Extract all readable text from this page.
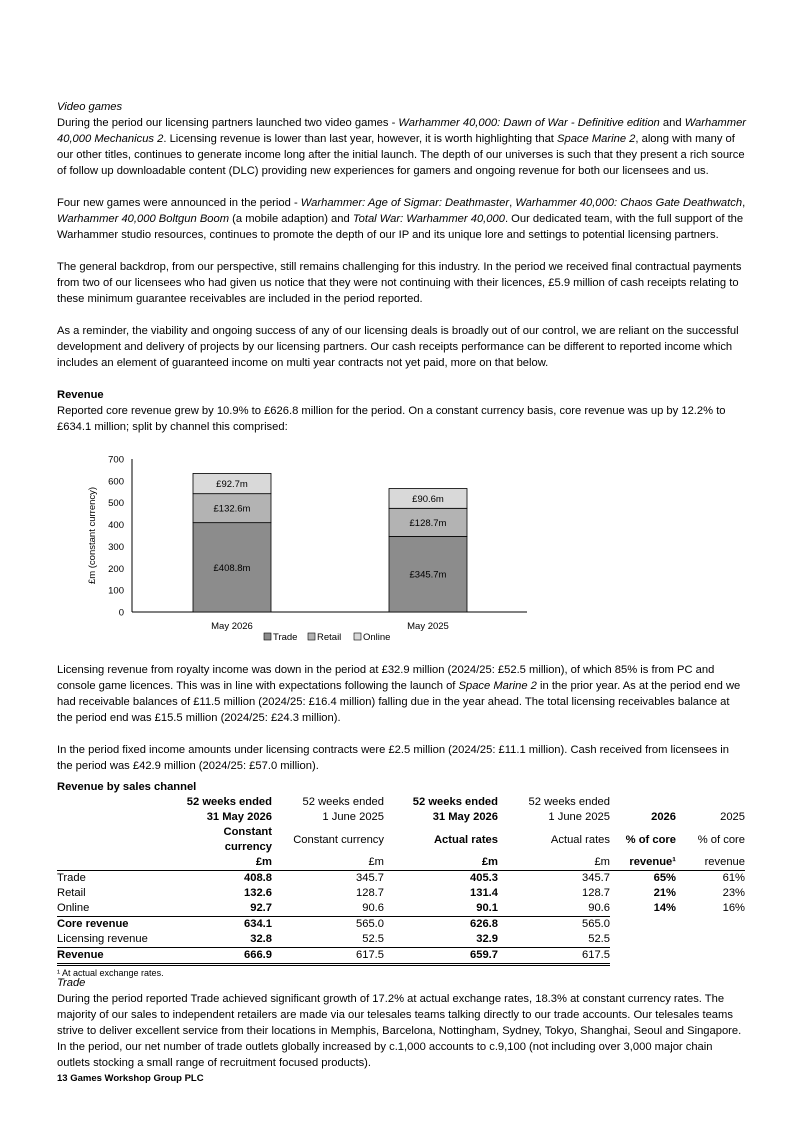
Video games

During the period our licensing partners launched two video games - Warhammer 40,000: Dawn of War - Definitive edition and Warhammer 40,000 Mechanicus 2. Licensing revenue is lower than last year, however, it is worth highlighting that Space Marine 2, along with many of our other titles, continues to generate income long after the initial launch. The depth of our universes is such that they present a rich source of follow up downloadable content (DLC) providing new experiences for gamers and ongoing revenue for both our licensees and us.

Four new games were announced in the period - Warhammer: Age of Sigmar: Deathmaster, Warhammer 40,000: Chaos Gate Deathwatch, Warhammer 40,000 Boltgun Boom (a mobile adaption) and Total War: Warhammer 40,000. Our dedicated team, with the full support of the Warhammer studio resources, continues to promote the depth of our IP and its unique lore and settings to potential licensing partners.

The general backdrop, from our perspective, still remains challenging for this industry. In the period we received final contractual payments from two of our licensees who had given us notice that they were not continuing with their licences, £5.9 million of cash receipts relating to these minimum guarantee receivables are included in the period reported.

As a reminder, the viability and ongoing success of any of our licensing deals is broadly out of our control, we are reliant on the successful development and delivery of projects by our licensing partners. Our cash receipts performance can be different to reported income which includes an element of guaranteed income on multi year contracts not yet paid, more on that below.

Revenue

Reported core revenue grew by 10.9% to £626.8 million for the period. On a constant currency basis, core revenue was up by 12.2% to £634.1 million; split by channel this comprised:

0
100
200
300
400
500
600
700
£m (constant currency)	£408.8m
£132.6m
£92.7m
May 2026
£345.7m
£128.7m
£90.6m
May 2025
Trade Retail Online

Licensing revenue from royalty income was down in the period at £32.9 million (2024/25: £52.5 million), of which 85% is from PC and console game licences. This was in line with expectations following the launch of Space Marine 2 in the prior year. As at the period end we had receivable balances of £11.5 million (2024/25: £16.4 million) falling due in the year ahead. The total licensing receivables balance at the period end was £15.5 million (2024/25: £24.3 million).

In the period fixed income amounts under licensing contracts were £2.5 million (2024/25: £11.1 million). Cash received from licensees in the period was £42.9 million (2024/25: £57.0 million).

Revenue by sales channel

	52 weeks ended	52 weeks ended	52 weeks ended	52 weeks ended		
	31 May 2026	1 June 2025	31 May 2026	1 June 2025	2026	2025
	Constant currency	Constant currency	Actual rates	Actual rates	% of core	% of core
	£m	£m	£m	£m	revenue¹	revenue
Trade	408.8	345.7	405.3	345.7	65%	61%
Retail	132.6	128.7	131.4	128.7	21%	23%
Online	92.7	90.6	90.1	90.6	14%	16%
Core revenue	634.1	565.0	626.8	565.0		
Licensing revenue	32.8	52.5	32.9	52.5		
Revenue	666.9	617.5	659.7	617.5		

¹ At actual exchange rates.

Trade

During the period reported Trade achieved significant growth of 17.2% at actual exchange rates, 18.3% at constant currency rates. The majority of our sales to independent retailers are made via our telesales teams talking directly to our trade accounts. Our telesales teams strive to deliver excellent service from their locations in Memphis, Barcelona, Nottingham, Sydney, Tokyo, Shanghai, Seoul and Singapore. In the period, our net number of trade outlets globally increased by c.1,000 accounts to c.9,100 (not including over 3,000 major chain outlets stocking a small range of recruitment focused products).

13 Games Workshop Group PLC
